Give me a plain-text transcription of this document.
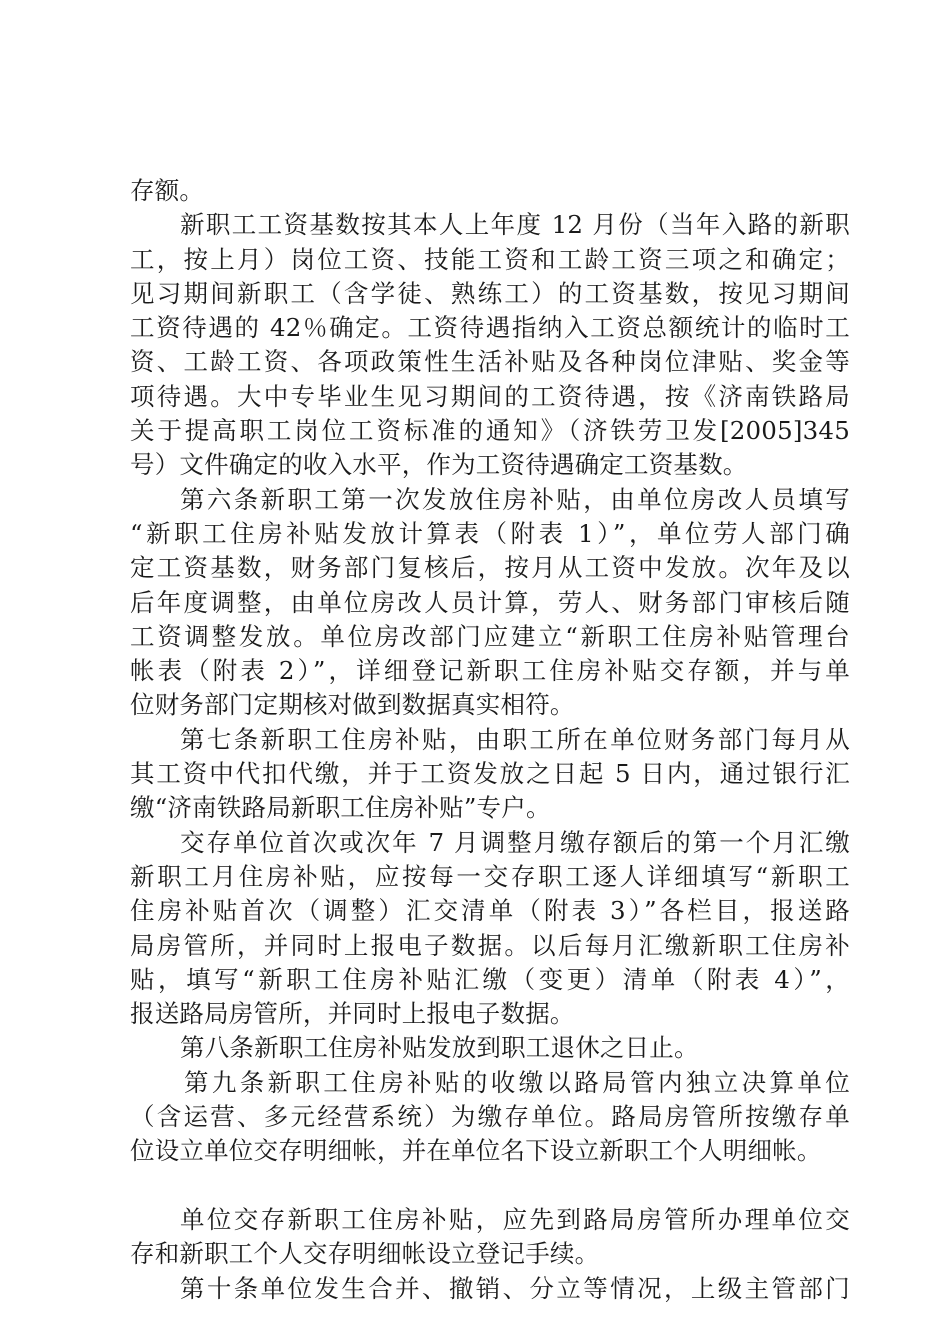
存额。
新职工工资基数按其本人上年度 12 月份（当年入路的新职
工，按上月）岗位工资、技能工资和工龄工资三项之和确定；
见习期间新职工（含学徒、熟练工）的工资基数，按见习期间
工资待遇的 42％确定。工资待遇指纳入工资总额统计的临时工
资、工龄工资、各项政策性生活补贴及各种岗位津贴、奖金等
项待遇。大中专毕业生见习期间的工资待遇，按《济南铁路局
关于提高职工岗位工资标准的通知》（济铁劳卫发[2005]345
号）文件确定的收入水平，作为工资待遇确定工资基数。
第六条新职工第一次发放住房补贴，由单位房改人员填写
“新职工住房补贴发放计算表（附表 1）”，单位劳人部门确
定工资基数，财务部门复核后，按月从工资中发放。次年及以
后年度调整，由单位房改人员计算，劳人、财务部门审核后随
工资调整发放。单位房改部门应建立“新职工住房补贴管理台
帐表（附表 2）”，详细登记新职工住房补贴交存额，并与单
位财务部门定期核对做到数据真实相符。
第七条新职工住房补贴，由职工所在单位财务部门每月从
其工资中代扣代缴，并于工资发放之日起 5 日内，通过银行汇
缴“济南铁路局新职工住房补贴”专户。
交存单位首次或次年 7 月调整月缴存额后的第一个月汇缴
新职工月住房补贴，应按每一交存职工逐人详细填写“新职工
住房补贴首次（调整）汇交清单（附表 3）”各栏目，报送路
局房管所，并同时上报电子数据。以后每月汇缴新职工住房补
贴，填写“新职工住房补贴汇缴（变更）清单（附表 4）”，
报送路局房管所，并同时上报电子数据。
第八条新职工住房补贴发放到职工退休之日止。
第九条新职工住房补贴的收缴以路局管内独立决算单位
（含运营、多元经营系统）为缴存单位。路局房管所按缴存单
位设立单位交存明细帐，并在单位名下设立新职工个人明细帐。
单位交存新职工住房补贴，应先到路局房管所办理单位交
存和新职工个人交存明细帐设立登记手续。
第十条单位发生合并、撤销、分立等情况，上级主管部门
